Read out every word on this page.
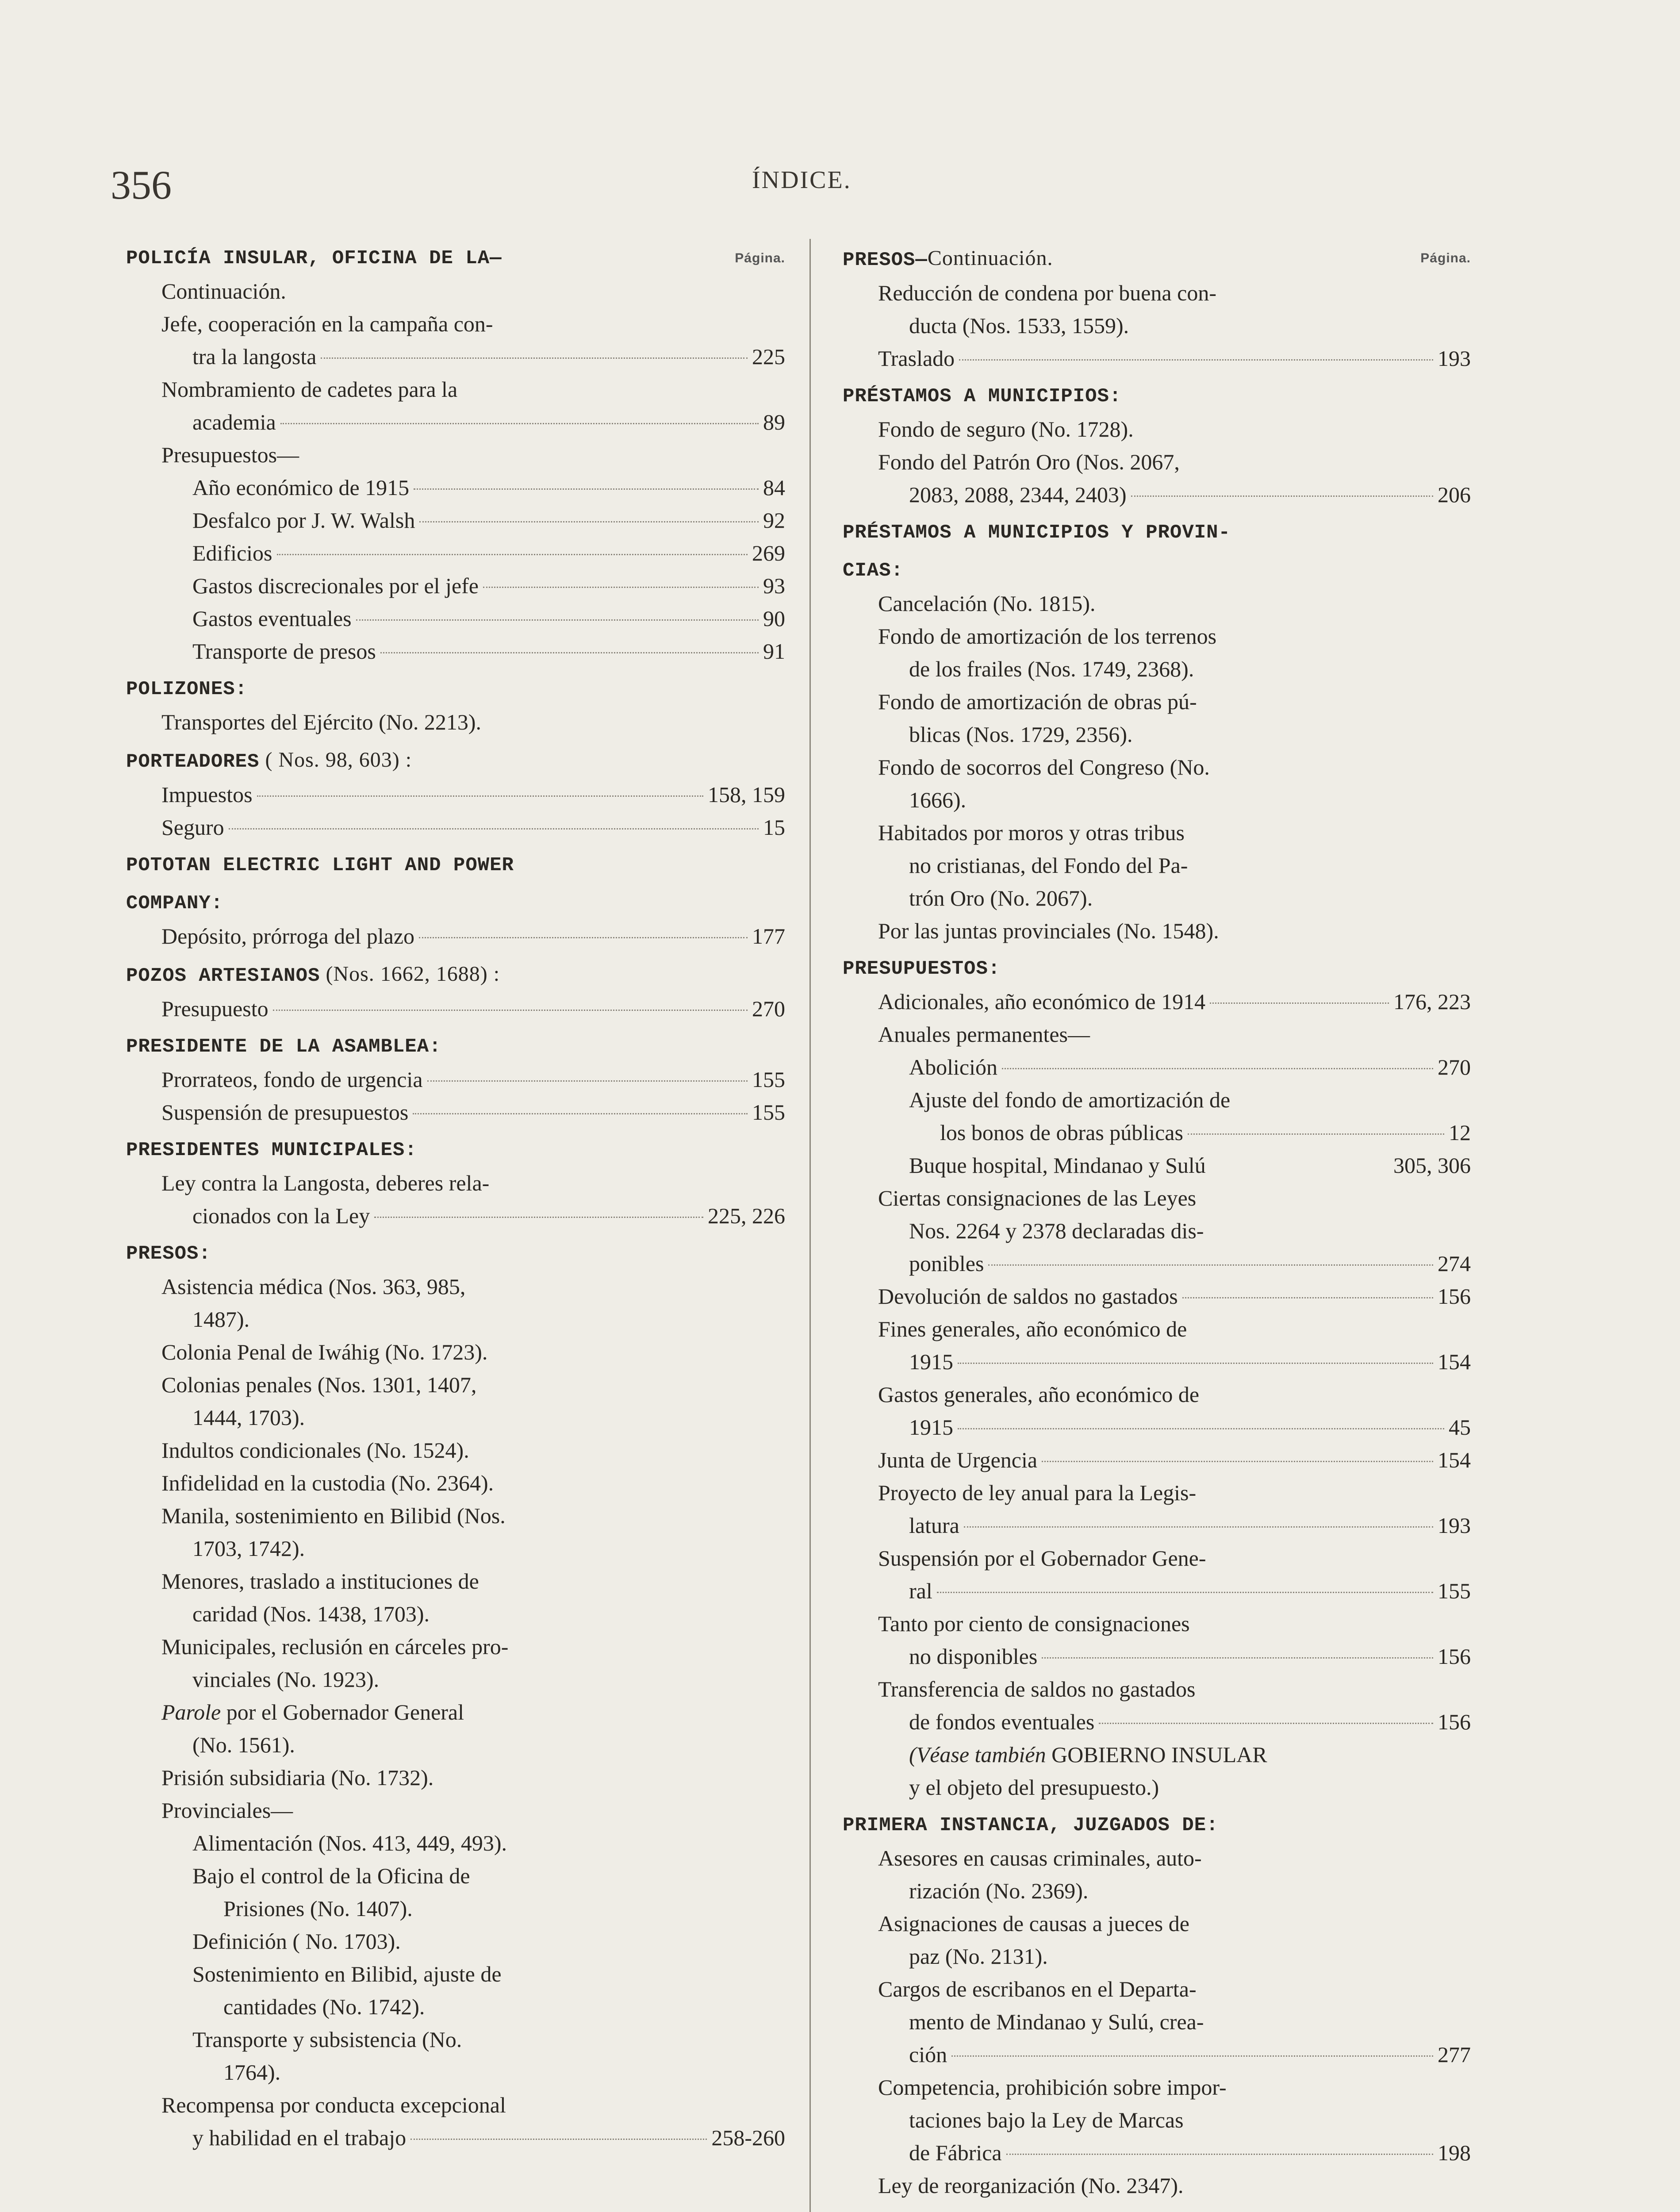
356	ÍNDICE.
POLICÍA INSULAR, OFICINA DE LA—	Página.
Continuación.
Jefe, cooperación en la campaña con-
tra la langosta	225
Nombramiento de cadetes para la
academia	89
Presupuestos—
Año económico de 1915	84
Desfalco por J. W. Walsh	92
Edificios	269
Gastos discrecionales por el jefe	93
Gastos eventuales	90
Transporte de presos	91
POLIZONES:
Transportes del Ejército (No. 2213).
PORTEADORES ( Nos. 98, 603) :
Impuestos	158, 159
Seguro	15
POTOTAN ELECTRIC LIGHT AND POWER
COMPANY:
Depósito, prórroga del plazo	177
POZOS ARTESIANOS (Nos. 1662, 1688) :
Presupuesto	270
PRESIDENTE DE LA ASAMBLEA:
Prorrateos, fondo de urgencia	155
Suspensión de presupuestos	155
PRESIDENTES MUNICIPALES:
Ley contra la Langosta, deberes rela-
cionados con la Ley	225, 226
PRESOS:
Asistencia médica (Nos. 363, 985,
1487).
Colonia Penal de Iwáhig (No. 1723).
Colonias penales (Nos. 1301, 1407,
1444, 1703).
Indultos condicionales (No. 1524).
Infidelidad en la custodia (No. 2364).
Manila, sostenimiento en Bilibid (Nos.
1703, 1742).
Menores, traslado a instituciones de
caridad (Nos. 1438, 1703).
Municipales, reclusión en cárceles pro-
vinciales (No. 1923).
Parole por el Gobernador General
(No. 1561).
Prisión subsidiaria (No. 1732).
Provinciales—
Alimentación (Nos. 413, 449, 493).
Bajo el control de la Oficina de
Prisiones (No. 1407).
Definición ( No. 1703).
Sostenimiento en Bilibid, ajuste de
cantidades (No. 1742).
Transporte y subsistencia (No.
1764).
Recompensa por conducta excepcional
y habilidad en el trabajo	258-260
PRESOS—Continuación.	Página.
Reducción de condena por buena con-
ducta (Nos. 1533, 1559).
Traslado	193
PRÉSTAMOS A MUNICIPIOS:
Fondo de seguro (No. 1728).
Fondo del Patrón Oro (Nos. 2067,
2083, 2088, 2344, 2403)	206
PRÉSTAMOS A MUNICIPIOS Y PROVIN-
CIAS:
Cancelación (No. 1815).
Fondo de amortización de los terrenos
de los frailes (Nos. 1749, 2368).
Fondo de amortización de obras pú-
blicas (Nos. 1729, 2356).
Fondo de socorros del Congreso (No.
1666).
Habitados por moros y otras tribus
no cristianas, del Fondo del Pa-
trón Oro (No. 2067).
Por las juntas provinciales (No. 1548).
PRESUPUESTOS:
Adicionales, año económico de 1914	176, 223
Anuales permanentes—
Abolición	270
Ajuste del fondo de amortización de
los bonos de obras públicas	12
Buque hospital, Mindanao y Sulú	305, 306
Ciertas consignaciones de las Leyes
Nos. 2264 y 2378 declaradas dis-
ponibles	274
Devolución de saldos no gastados	156
Fines generales, año económico de
1915	154
Gastos generales, año económico de
1915	45
Junta de Urgencia	154
Proyecto de ley anual para la Legis-
latura	193
Suspensión por el Gobernador Gene-
ral	155
Tanto por ciento de consignaciones
no disponibles	156
Transferencia de saldos no gastados
de fondos eventuales	156
(Véase también GOBIERNO INSULAR
y el objeto del presupuesto.)
PRIMERA INSTANCIA, JUZGADOS DE:
Asesores en causas criminales, auto-
rización (No. 2369).
Asignaciones de causas a jueces de
paz (No. 2131).
Cargos de escribanos en el Departa-
mento de Mindanao y Sulú, crea-
ción	277
Competencia, prohibición sobre impor-
taciones bajo la Ley de Marcas
de Fábrica	198
Ley de reorganización (No. 2347).
